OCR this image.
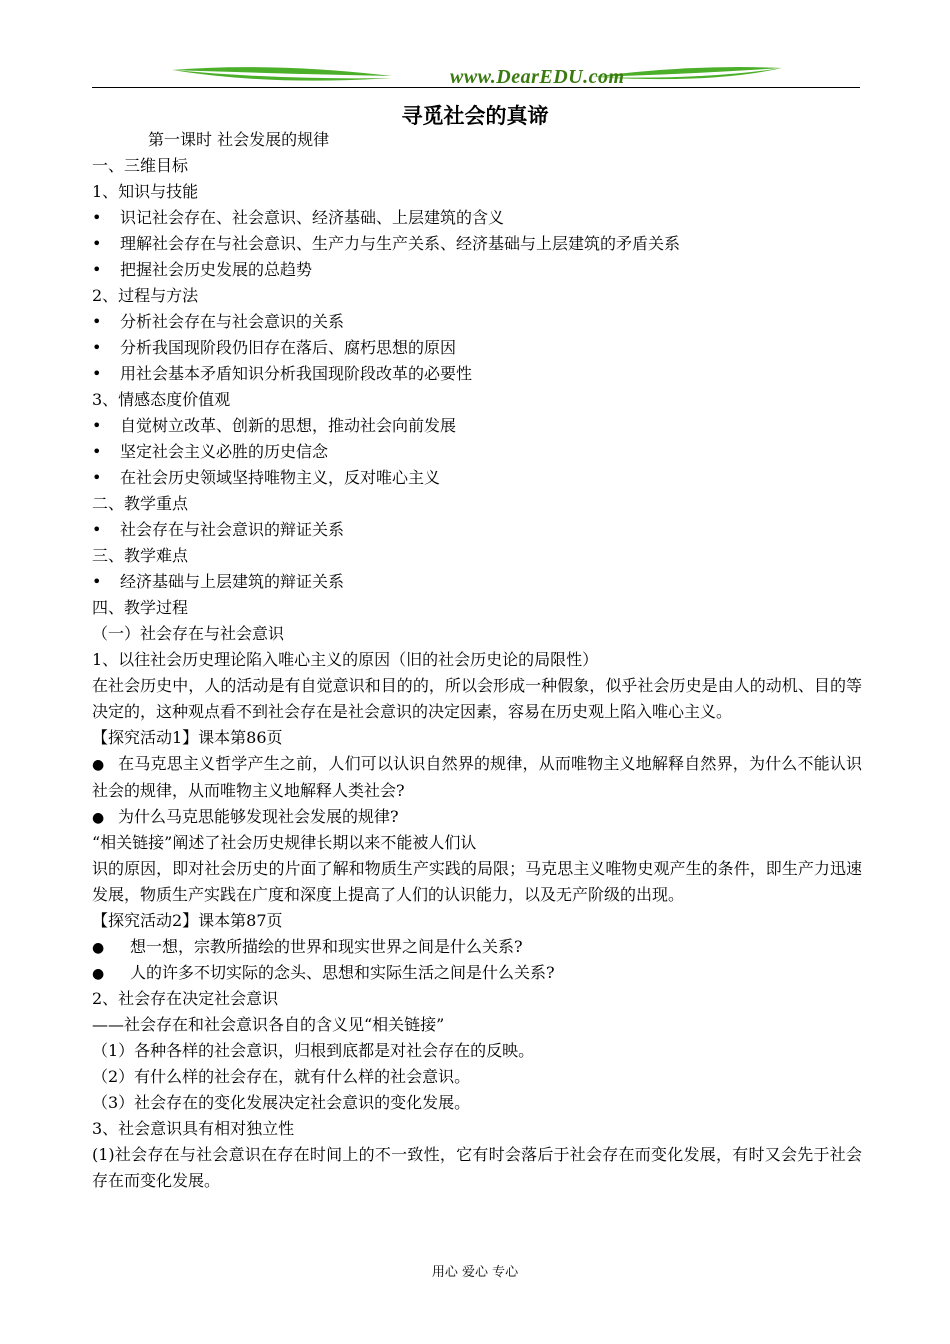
www.DearEDU.com
寻觅社会的真谛
第一课时 社会发展的规律
一、三维目标
1、知识与技能
• 识记社会存在、社会意识、经济基础、上层建筑的含义
• 理解社会存在与社会意识、生产力与生产关系、经济基础与上层建筑的矛盾关系
• 把握社会历史发展的总趋势
2、过程与方法
• 分析社会存在与社会意识的关系
• 分析我国现阶段仍旧存在落后、腐朽思想的原因
• 用社会基本矛盾知识分析我国现阶段改革的必要性
3、情感态度价值观
• 自觉树立改革、创新的思想，推动社会向前发展
• 坚定社会主义必胜的历史信念
• 在社会历史领域坚持唯物主义，反对唯心主义
二、教学重点
• 社会存在与社会意识的辩证关系
三、教学难点
• 经济基础与上层建筑的辩证关系
四、教学过程
（一）社会存在与社会意识
1、以往社会历史理论陷入唯心主义的原因（旧的社会历史论的局限性）
在社会历史中，人的活动是有自觉意识和目的的，所以会形成一种假象，似乎社会历史是由人的动机、目的等决定的，这种观点看不到社会存在是社会意识的决定因素，容易在历史观上陷入唯心主义。
【探究活动1】课本第86页
● 在马克思主义哲学产生之前，人们可以认识自然界的规律，从而唯物主义地解释自然界，为什么不能认识社会的规律，从而唯物主义地解释人类社会?
● 为什么马克思能够发现社会发展的规律?
“相关链接”阐述了社会历史规律长期以来不能被人们认
识的原因，即对社会历史的片面了解和物质生产实践的局限；马克思主义唯物史观产生的条件，即生产力迅速发展，物质生产实践在广度和深度上提高了人们的认识能力，以及无产阶级的出现。
【探究活动2】课本第87页
● 想一想，宗教所描绘的世界和现实世界之间是什么关系?
● 人的许多不切实际的念头、思想和实际生活之间是什么关系?
2、社会存在决定社会意识
——社会存在和社会意识各自的含义见“相关链接”
（1）各种各样的社会意识，归根到底都是对社会存在的反映。
（2）有什么样的社会存在，就有什么样的社会意识。
（3）社会存在的变化发展决定社会意识的变化发展。
3、社会意识具有相对独立性
(1)社会存在与社会意识在存在时间上的不一致性，它有时会落后于社会存在而变化发展，有时又会先于社会存在而变化发展。
用心 爱心 专心
